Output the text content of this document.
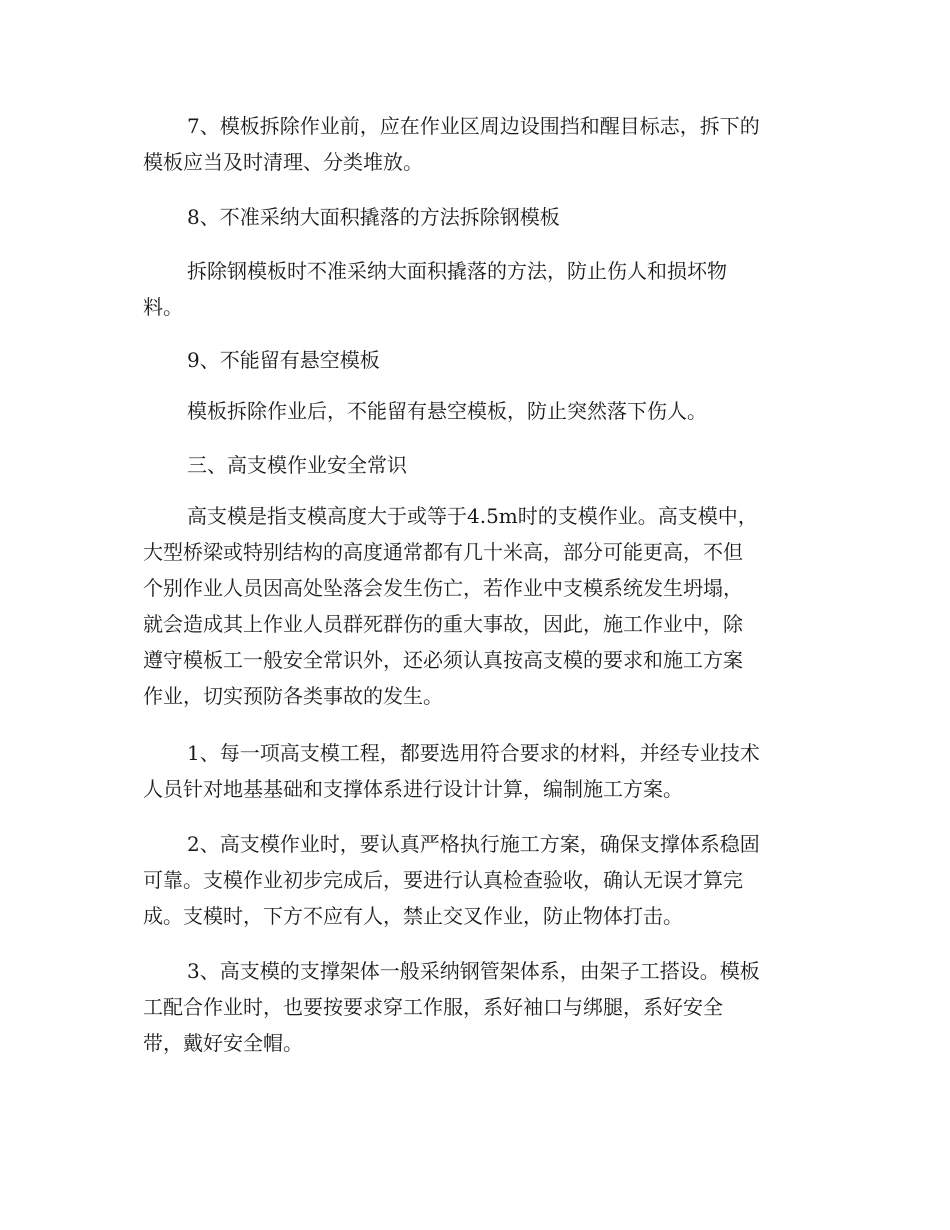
7、模板拆除作业前，应在作业区周边设围挡和醒目标志，拆下的
模板应当及时清理、分类堆放。
8、不准采纳大面积撬落的方法拆除钢模板
拆除钢模板时不准采纳大面积撬落的方法，防止伤人和损坏物
料。
9、不能留有悬空模板
模板拆除作业后，不能留有悬空模板，防止突然落下伤人。
三、高支模作业安全常识
高支模是指支模高度大于或等于4.5m时的支模作业。高支模中，
大型桥梁或特别结构的高度通常都有几十米高，部分可能更高，不但
个别作业人员因高处坠落会发生伤亡，若作业中支模系统发生坍塌，
就会造成其上作业人员群死群伤的重大事故，因此，施工作业中，除
遵守模板工一般安全常识外，还必须认真按高支模的要求和施工方案
作业，切实预防各类事故的发生。
1、每一项高支模工程，都要选用符合要求的材料，并经专业技术
人员针对地基基础和支撑体系进行设计计算，编制施工方案。
2、高支模作业时，要认真严格执行施工方案，确保支撑体系稳固
可靠。支模作业初步完成后，要进行认真检查验收，确认无误才算完
成。支模时，下方不应有人，禁止交叉作业，防止物体打击。
3、高支模的支撑架体一般采纳钢管架体系，由架子工搭设。模板
工配合作业时，也要按要求穿工作服，系好袖口与绑腿，系好安全
带，戴好安全帽。
